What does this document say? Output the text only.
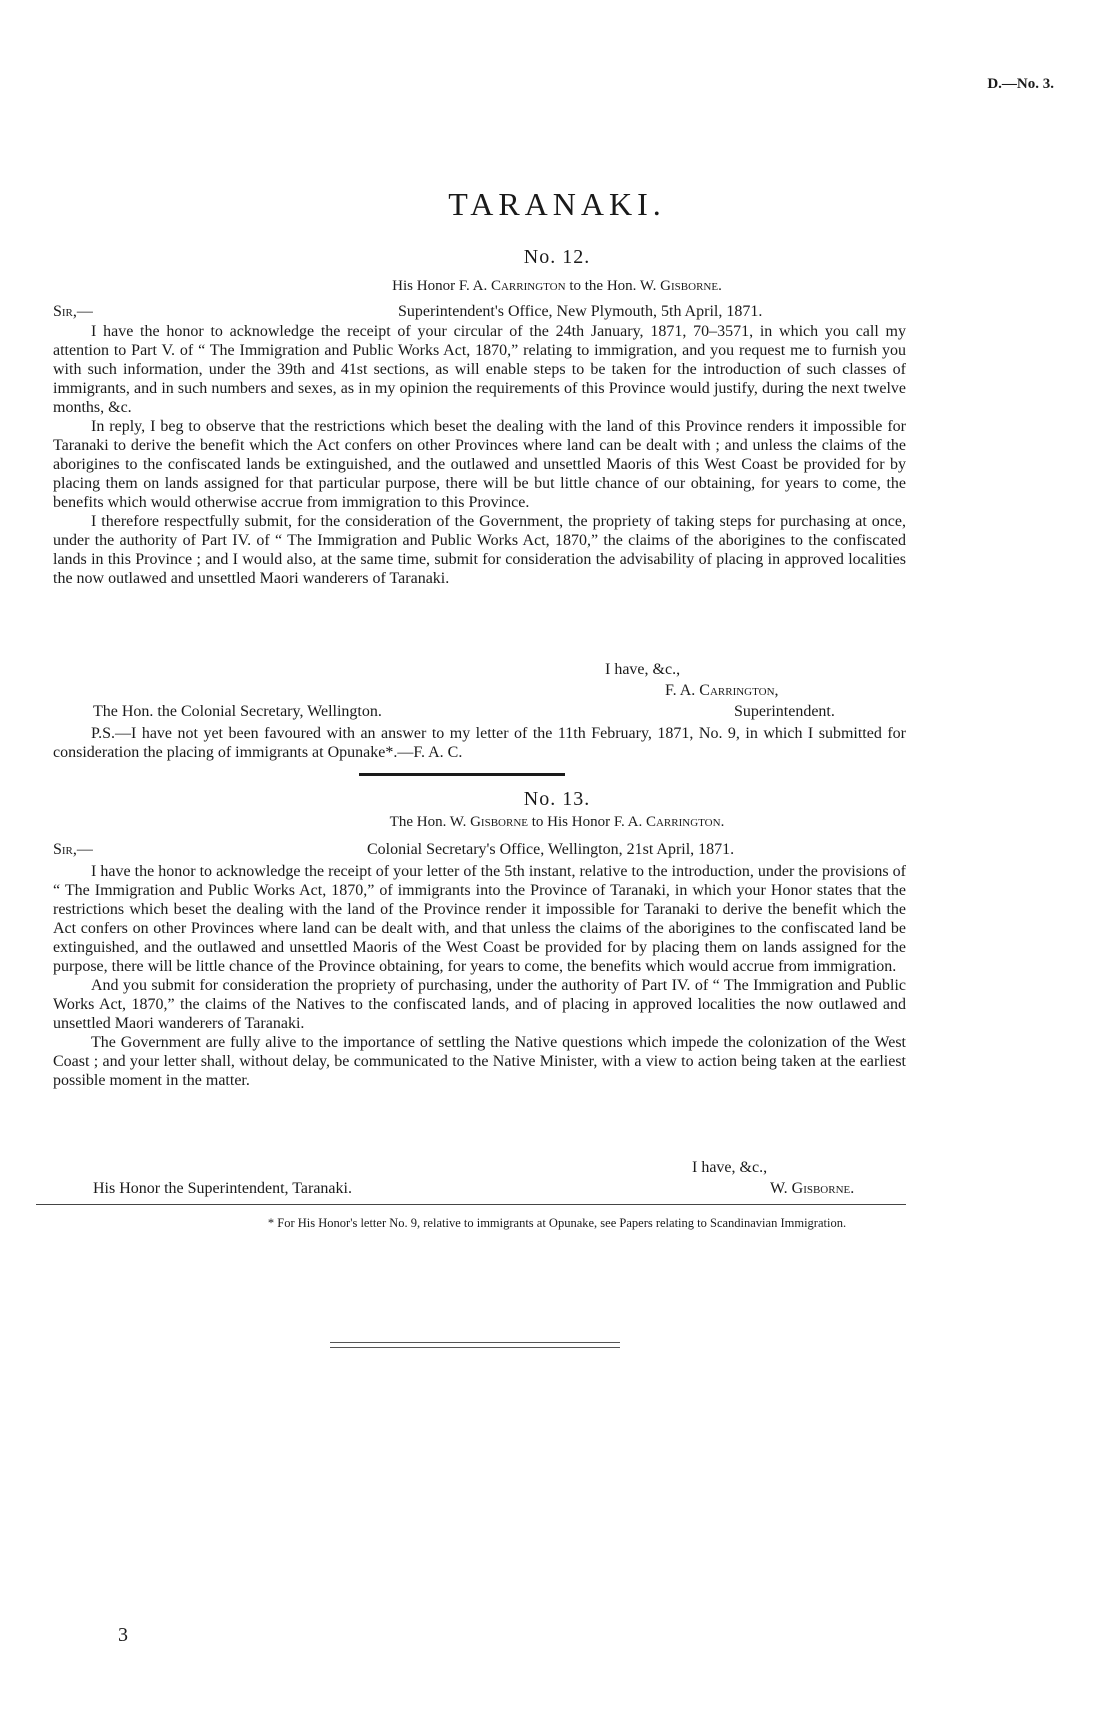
D.—No. 3.
TARANAKI.
No. 12.
His Honor F. A. Carrington to the Hon. W. Gisborne.
Sir,—	Superintendent's Office, New Plymouth, 5th April, 1871.

I have the honor to acknowledge the receipt of your circular of the 24th January, 1871, 70–3571, in which you call my attention to Part V. of “ The Immigration and Public Works Act, 1870,” relating to immigration, and you request me to furnish you with such information, under the 39th and 41st sections, as will enable steps to be taken for the introduction of such classes of immigrants, and in such numbers and sexes, as in my opinion the requirements of this Province would justify, during the next twelve months, &c.

In reply, I beg to observe that the restrictions which beset the dealing with the land of this Province renders it impossible for Taranaki to derive the benefit which the Act confers on other Provinces where land can be dealt with ; and unless the claims of the aborigines to the confiscated lands be extinguished, and the outlawed and unsettled Maoris of this West Coast be provided for by placing them on lands assigned for that particular purpose, there will be but little chance of our obtaining, for years to come, the benefits which would otherwise accrue from immigration to this Province.

I therefore respectfully submit, for the consideration of the Government, the propriety of taking steps for purchasing at once, under the authority of Part IV. of “ The Immigration and Public Works Act, 1870,” the claims of the aborigines to the confiscated lands in this Province ; and I would also, at the same time, submit for consideration the advisability of placing in approved localities the now outlawed and unsettled Maori wanderers of Taranaki.

I have, &c.,
F. A. Carrington,
The Hon. the Colonial Secretary, Wellington.	Superintendent.

P.S.—I have not yet been favoured with an answer to my letter of the 11th February, 1871, No. 9, in which I submitted for consideration the placing of immigrants at Opunake*.—F. A. C.

No. 13.
The Hon. W. Gisborne to His Honor F. A. Carrington.
Sir,—	Colonial Secretary's Office, Wellington, 21st April, 1871.

I have the honor to acknowledge the receipt of your letter of the 5th instant, relative to the introduction, under the provisions of “ The Immigration and Public Works Act, 1870,” of immigrants into the Province of Taranaki, in which your Honor states that the restrictions which beset the dealing with the land of the Province render it impossible for Taranaki to derive the benefit which the Act confers on other Provinces where land can be dealt with, and that unless the claims of the aborigines to the confiscated land be extinguished, and the outlawed and unsettled Maoris of the West Coast be provided for by placing them on lands assigned for the purpose, there will be little chance of the Province obtaining, for years to come, the benefits which would accrue from immigration.

And you submit for consideration the propriety of purchasing, under the authority of Part IV. of “ The Immigration and Public Works Act, 1870,” the claims of the Natives to the confiscated lands, and of placing in approved localities the now outlawed and unsettled Maori wanderers of Taranaki.

The Government are fully alive to the importance of settling the Native questions which impede the colonization of the West Coast ; and your letter shall, without delay, be communicated to the Native Minister, with a view to action being taken at the earliest possible moment in the matter.

I have, &c.,
His Honor the Superintendent, Taranaki.	W. Gisborne.
* For His Honor's letter No. 9, relative to immigrants at Opunake, see Papers relating to Scandinavian Immigration.
3
